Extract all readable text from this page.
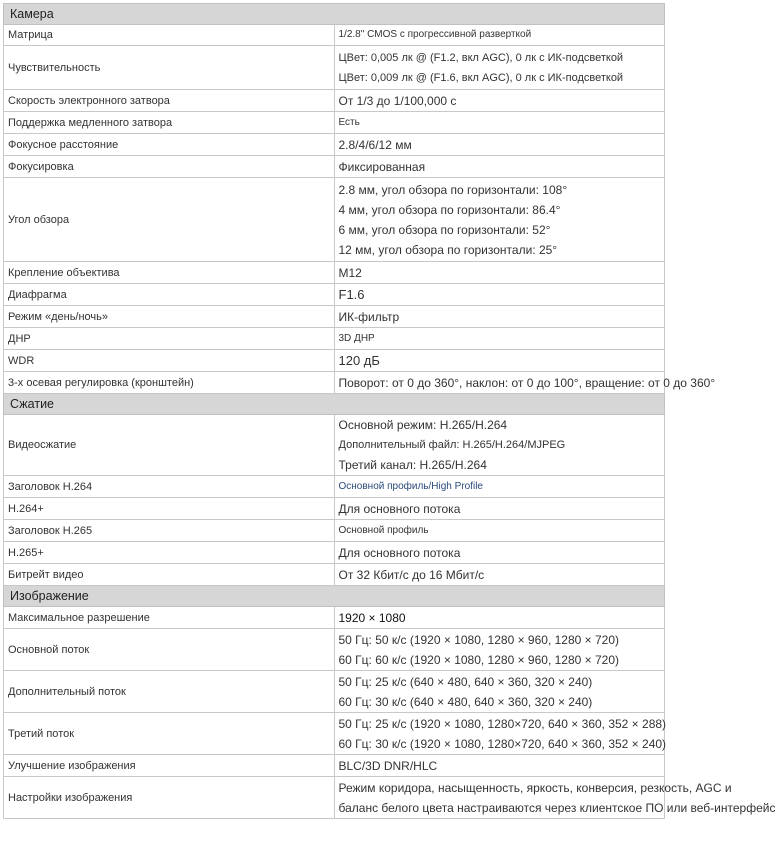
Камера	
Матрица	1/2.8" CMOS с прогрессивной разверткой

Чувствительность	ЦВет: 0,005 лк @ (F1.2, вкл AGC), 0 лк с ИК-подсветкой
ЦВет: 0,009 лк @ (F1.6, вкл AGC), 0 лк с ИК-подсветкой

Скорость электронного затвора	От 1/3 до 1/100,000 с

Поддержка медленного затвора	Есть

Фокусное расстояние	2.8/4/6/12 мм

Фокусировка	Фиксированная

Угол обзора	2.8 мм, угол обзора по горизонтали: 108°
4 мм, угол обзора по горизонтали: 86.4°
6 мм, угол обзора по горизонтали: 52°
12 мм, угол обзора по горизонтали: 25°

Крепление объектива	M12

Диафрагма	F1.6

Режим «день/ночь»	ИК-фильтр

ДНР	3D ДНР

WDR	120 дБ

3-х осевая регулировка (кронштейн)	Поворот: от 0 до 360°, наклон: от 0 до 100°, вращение: от 0 до 360°

Сжатие	
Видеосжатие	Основной режим: H.265/H.264
Дополнительный файл: H.265/H.264/MJPEG
Третий канал: H.265/H.264

Заголовок H.264	Основной профиль/High Profile

H.264+	Для основного потока

Заголовок H.265	Основной профиль

H.265+	Для основного потока

Битрейт видео	От 32 Кбит/с до 16 Мбит/с

Изображение	
Максимальное разрешение	1920 × 1080

Основной поток	50 Гц: 50 к/с (1920 × 1080, 1280 × 960, 1280 × 720)
60 Гц: 60 к/с (1920 × 1080, 1280 × 960, 1280 × 720)

Дополнительный поток	50 Гц: 25 к/с (640 × 480, 640 × 360, 320 × 240)
60 Гц: 30 к/с (640 × 480, 640 × 360, 320 × 240)

Третий поток	50 Гц: 25 к/с (1920 × 1080, 1280×720, 640 × 360, 352 × 288)
60 Гц: 30 к/с (1920 × 1080, 1280×720, 640 × 360, 352 × 240)

Улучшение изображения	BLC/3D DNR/HLC

Настройки изображения	Режим коридора, насыщенность, яркость, конверсия, резкость, AGC и
баланс белого цвета настраиваются через клиентское ПО или веб-интерфейс
